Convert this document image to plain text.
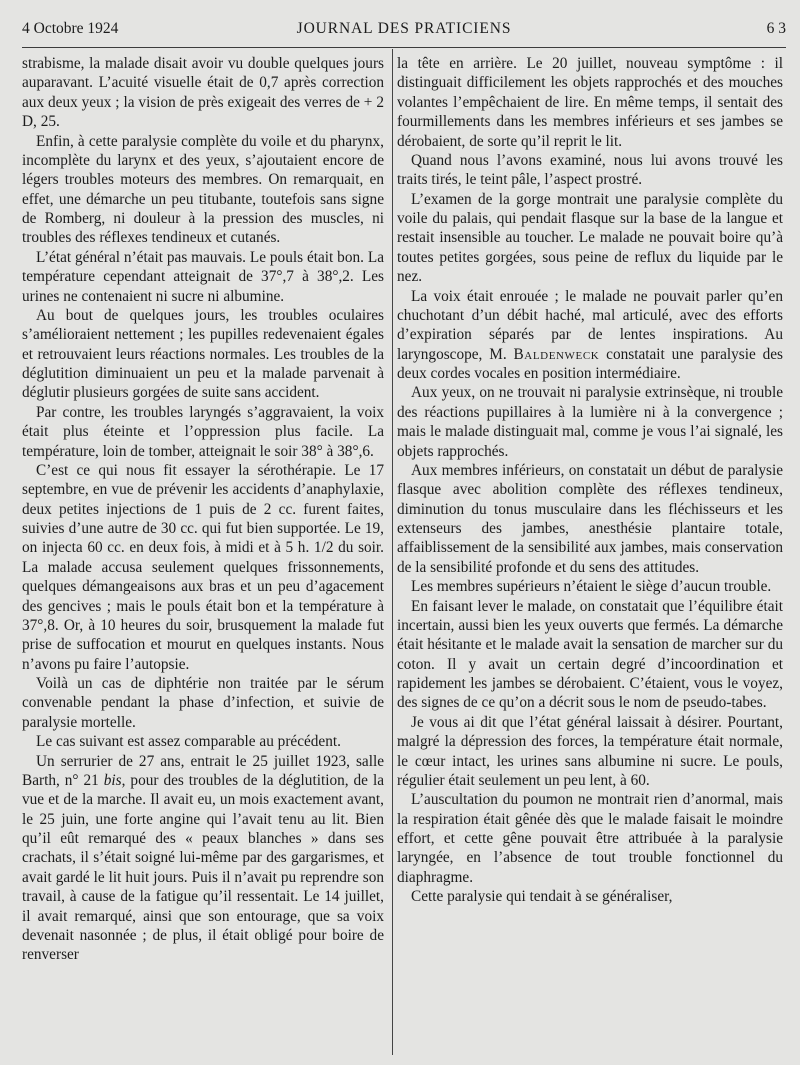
4 Octobre 1924	JOURNAL DES PRATICIENS	6 3

strabisme, la malade disait avoir vu double quelques jours auparavant. L’acuité visuelle était de 0,7 après correction aux deux yeux ; la vision de près exigeait des verres de + 2 D, 25.

Enfin, à cette paralysie complète du voile et du pharynx, incomplète du larynx et des yeux, s’ajoutaient encore de légers troubles moteurs des membres. On remarquait, en effet, une démarche un peu titubante, toutefois sans signe de Romberg, ni douleur à la pression des muscles, ni troubles des réflexes tendineux et cutanés.

L’état général n’était pas mauvais. Le pouls était bon. La température cependant atteignait de 37°,7 à 38°,2. Les urines ne contenaient ni sucre ni albumine.

Au bout de quelques jours, les troubles oculaires s’amélioraient nettement ; les pupilles redevenaient égales et retrouvaient leurs réactions normales. Les troubles de la déglutition diminuaient un peu et la malade parvenait à déglutir plusieurs gorgées de suite sans accident.

Par contre, les troubles laryngés s’aggravaient, la voix était plus éteinte et l’oppression plus facile. La température, loin de tomber, atteignait le soir 38° à 38°,6.

C’est ce qui nous fit essayer la sérothérapie. Le 17 septembre, en vue de prévenir les accidents d’anaphylaxie, deux petites injections de 1 puis de 2 cc. furent faites, suivies d’une autre de 30 cc. qui fut bien supportée. Le 19, on injecta 60 cc. en deux fois, à midi et à 5 h. 1/2 du soir. La malade accusa seulement quelques frissonnements, quelques démangeaisons aux bras et un peu d’agacement des gencives ; mais le pouls était bon et la température à 37°,8. Or, à 10 heures du soir, brusquement la malade fut prise de suffocation et mourut en quelques instants. Nous n’avons pu faire l’autopsie.

Voilà un cas de diphtérie non traitée par le sérum convenable pendant la phase d’infection, et suivie de paralysie mortelle.

Le cas suivant est assez comparable au précédent.

Un serrurier de 27 ans, entrait le 25 juillet 1923, salle Barth, n° 21 bis, pour des troubles de la déglutition, de la vue et de la marche. Il avait eu, un mois exactement avant, le 25 juin, une forte angine qui l’avait tenu au lit. Bien qu’il eût remarqué des « peaux blanches » dans ses crachats, il s’était soigné lui-même par des gargarismes, et avait gardé le lit huit jours. Puis il n’avait pu reprendre son travail, à cause de la fatigue qu’il ressentait. Le 14 juillet, il avait remarqué, ainsi que son entourage, que sa voix devenait nasonnée ; de plus, il était obligé pour boire de renverser

la tête en arrière. Le 20 juillet, nouveau symptôme : il distinguait difficilement les objets rapprochés et des mouches volantes l’empêchaient de lire. En même temps, il sentait des fourmillements dans les membres inférieurs et ses jambes se dérobaient, de sorte qu’il reprit le lit.

Quand nous l’avons examiné, nous lui avons trouvé les traits tirés, le teint pâle, l’aspect prostré.

L’examen de la gorge montrait une paralysie complète du voile du palais, qui pendait flasque sur la base de la langue et restait insensible au toucher. Le malade ne pouvait boire qu’à toutes petites gorgées, sous peine de reflux du liquide par le nez.

La voix était enrouée ; le malade ne pouvait parler qu’en chuchotant d’un débit haché, mal articulé, avec des efforts d’expiration séparés par de lentes inspirations. Au laryngoscope, M. Baldenweck constatait une paralysie des deux cordes vocales en position intermédiaire.

Aux yeux, on ne trouvait ni paralysie extrinsèque, ni trouble des réactions pupillaires à la lumière ni à la convergence ; mais le malade distinguait mal, comme je vous l’ai signalé, les objets rapprochés.

Aux membres inférieurs, on constatait un début de paralysie flasque avec abolition complète des réflexes tendineux, diminution du tonus musculaire dans les fléchisseurs et les extenseurs des jambes, anesthésie plantaire totale, affaiblissement de la sensibilité aux jambes, mais conservation de la sensibilité profonde et du sens des attitudes.

Les membres supérieurs n’étaient le siège d’aucun trouble.

En faisant lever le malade, on constatait que l’équilibre était incertain, aussi bien les yeux ouverts que fermés. La démarche était hésitante et le malade avait la sensation de marcher sur du coton. Il y avait un certain degré d’incoordination et rapidement les jambes se dérobaient. C’étaient, vous le voyez, des signes de ce qu’on a décrit sous le nom de pseudo-tabes.

Je vous ai dit que l’état général laissait à désirer. Pourtant, malgré la dépression des forces, la température était normale, le cœur intact, les urines sans albumine ni sucre. Le pouls, régulier était seulement un peu lent, à 60.

L’auscultation du poumon ne montrait rien d’anormal, mais la respiration était gênée dès que le malade faisait le moindre effort, et cette gêne pouvait être attribuée à la paralysie laryngée, en l’absence de tout trouble fonctionnel du diaphragme.

Cette paralysie qui tendait à se généraliser,
